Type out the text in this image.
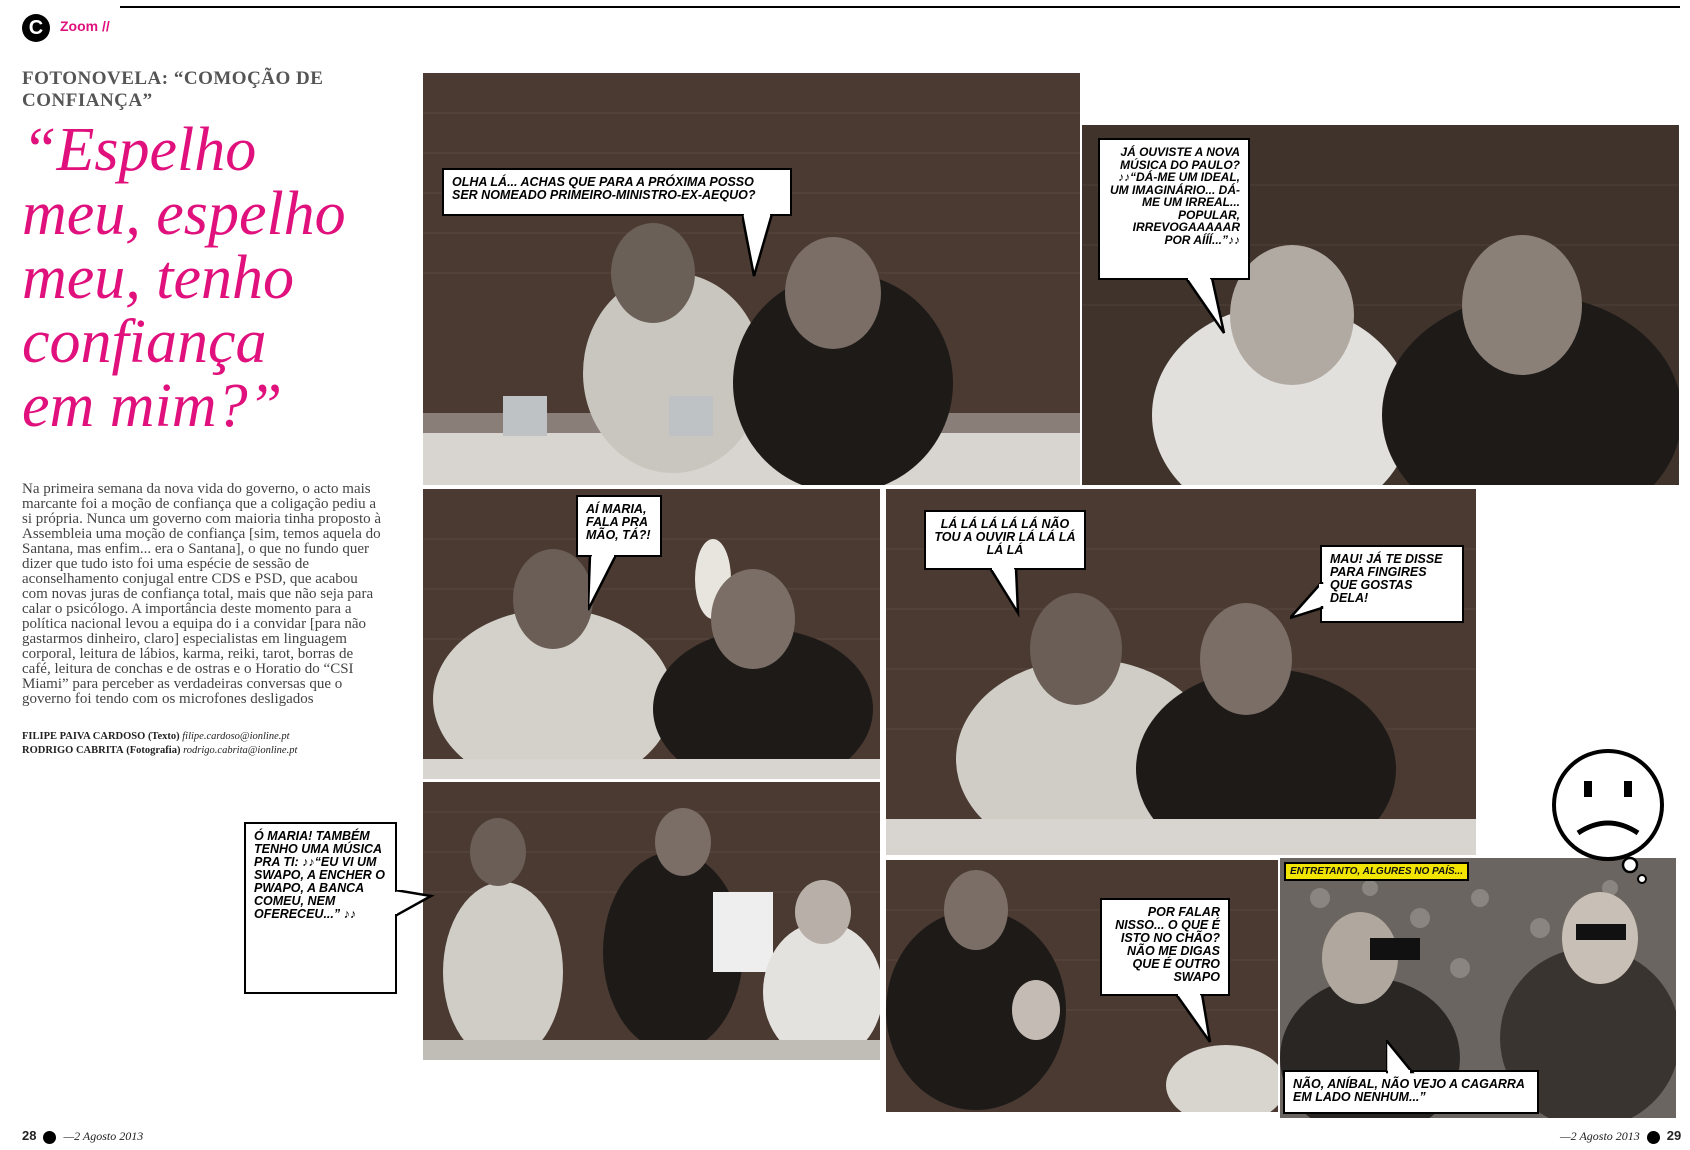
C	Zoom //
FOTONOVELA: “COMOÇÃO DE CONFIANÇA”
“Espelho
meu, espelho
meu, tenho
confiança
em mim?”
Na primeira semana da nova vida do governo, o acto mais marcante foi a moção de confiança que a coligação pediu a si própria. Nunca um governo com maioria tinha proposto à Assembleia uma moção de confiança [sim, temos aquela do Santana, mas enfim... era o Santana], o que no fundo quer dizer que tudo isto foi uma espécie de sessão de aconselhamento conjugal entre CDS e PSD, que acabou com novas juras de confiança total, mais que não seja para calar o psicólogo. A importância deste momento para a política nacional levou a equipa do i a convidar [para não gastarmos dinheiro, claro] especialistas em linguagem corporal, leitura de lábios, karma, reiki, tarot, borras de café, leitura de conchas e de ostras e o Horatio do “CSI Miami” para perceber as verdadeiras conversas que o governo foi tendo com os microfones desligados
FILIPE PAIVA CARDOSO (Texto) filipe.cardoso@ionline.pt
RODRIGO CABRITA (Fotografia) rodrigo.cabrita@ionline.pt
OLHA LÁ... ACHAS QUE PARA A PRÓXIMA POSSO SER NOMEADO PRIMEIRO-MINISTRO-EX-AEQUO?
JÁ OUVISTE A NOVA MÚSICA DO PAULO? ♪♪“DÁ-ME UM IDEAL, UM IMAGINÁRIO... DÁ-ME UM IRREAL... POPULAR, IRREVOGAAAAAR POR AÍÍÍ...”♪♪
AÍ MARIA, FALA PRA MÃO, TÁ?!
LÁ LÁ LÁ LÁ LÁ NÃO TOU A OUVIR LÁ LÁ LÁ LÁ LÁ
MAU! JÁ TE DISSE PARA FINGIRES QUE GOSTAS DELA!
Ó MARIA! TAMBÉM TENHO UMA MÚSICA PRA TI: ♪♪“EU VI UM SWAPO, A ENCHER O PWAPO, A BANCA COMEU, NEM OFERECEU...” ♪♪	POR FALAR NISSO... O QUE É ISTO NO CHÃO? NÃO ME DIGAS QUE É OUTRO SWAPO
ENTRETANTO, ALGURES NO PAÍS...
NÃO, ANÍBAL, NÃO VEJO A CAGARRA EM LADO NENHUM...”
28 —2 Agosto 2013	—2 Agosto 2013 29
